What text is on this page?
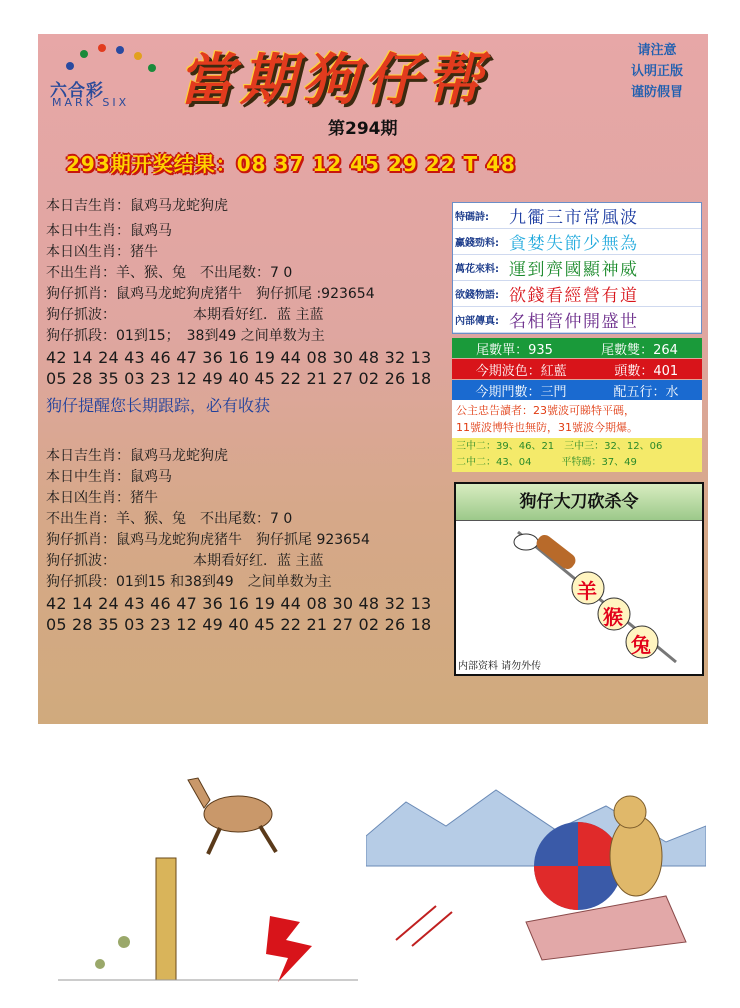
六合彩
MARK SIX 當期狗仔帮	请注意
认明正版
谨防假冒
第294期
293期开奖结果：08 37 12 45 29 22 T 48
本日吉生肖：鼠鸡马龙蛇狗虎
本日中生肖：鼠鸡马
本日凶生肖：猪牛
不出生肖：羊、猴、兔　不出尾数：7 0
狗仔抓肖：鼠鸡马龙蛇狗虎猪牛　狗仔抓尾 :923654
狗仔抓波：　　　　　　本期看好红．蓝 主蓝
狗仔抓段：01到15；　38到49 之间单数为主
42 14 24 43 46 47 36 16 19 44 08 30 48 32 13
05 28 35 03 23 12 49 40 45 22 21 27 02 26 18
狗仔提醒您长期跟踪，必有收获
本日吉生肖：鼠鸡马龙蛇狗虎
本日中生肖：鼠鸡马
本日凶生肖：猪牛
不出生肖：羊、猴、兔　不出尾数：7 0
狗仔抓肖：鼠鸡马龙蛇狗虎猪牛　狗仔抓尾 923654
狗仔抓波：　　　　　　本期看好红．蓝 主蓝
狗仔抓段：01到15 和38到49　之间单数为主
42 14 24 43 46 47 36 16 19 44 08 30 48 32 13
05 28 35 03 23 12 49 40 45 22 21 27 02 26 18
特碼詩:	九衢三市常風波
赢錢勁料: 貪婪失節少無為
萬花來料: 運到齊國顯神威
欲錢物語: 欲錢看經營有道
內部傳真: 名相管仲開盛世
尾數單：935	尾數雙：264
今期波色：紅藍	頭數：401
今期門數：三門	配五行：水
公主忠告讀者：23號波可睇特平碼，
11號波博特也無防，31號波今期爆。
三中二：39、46、21　三中三：32、12、06
二中二：43、04　　　平特碼：37、49
狗仔大刀砍杀令
羊
猴
兔
内部资料 请勿外传
